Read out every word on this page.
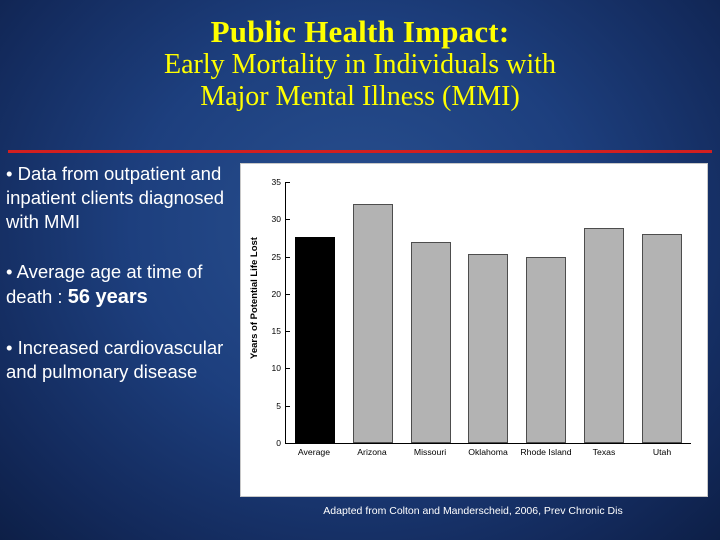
Public Health Impact:
Early Mortality in Individuals with
Major Mental Illness (MMI)
• Data from outpatient and inpatient clients diagnosed with MMI
• Average age at time of death : 56 years
• Increased cardiovascular and pulmonary disease
Years of Potential Life Lost
0
5
10
15
20
25
30
35
Average	Arizona	Missouri	Oklahoma	Rhode Island	Texas	Utah
Adapted from Colton and Manderscheid, 2006, Prev Chronic Dis
